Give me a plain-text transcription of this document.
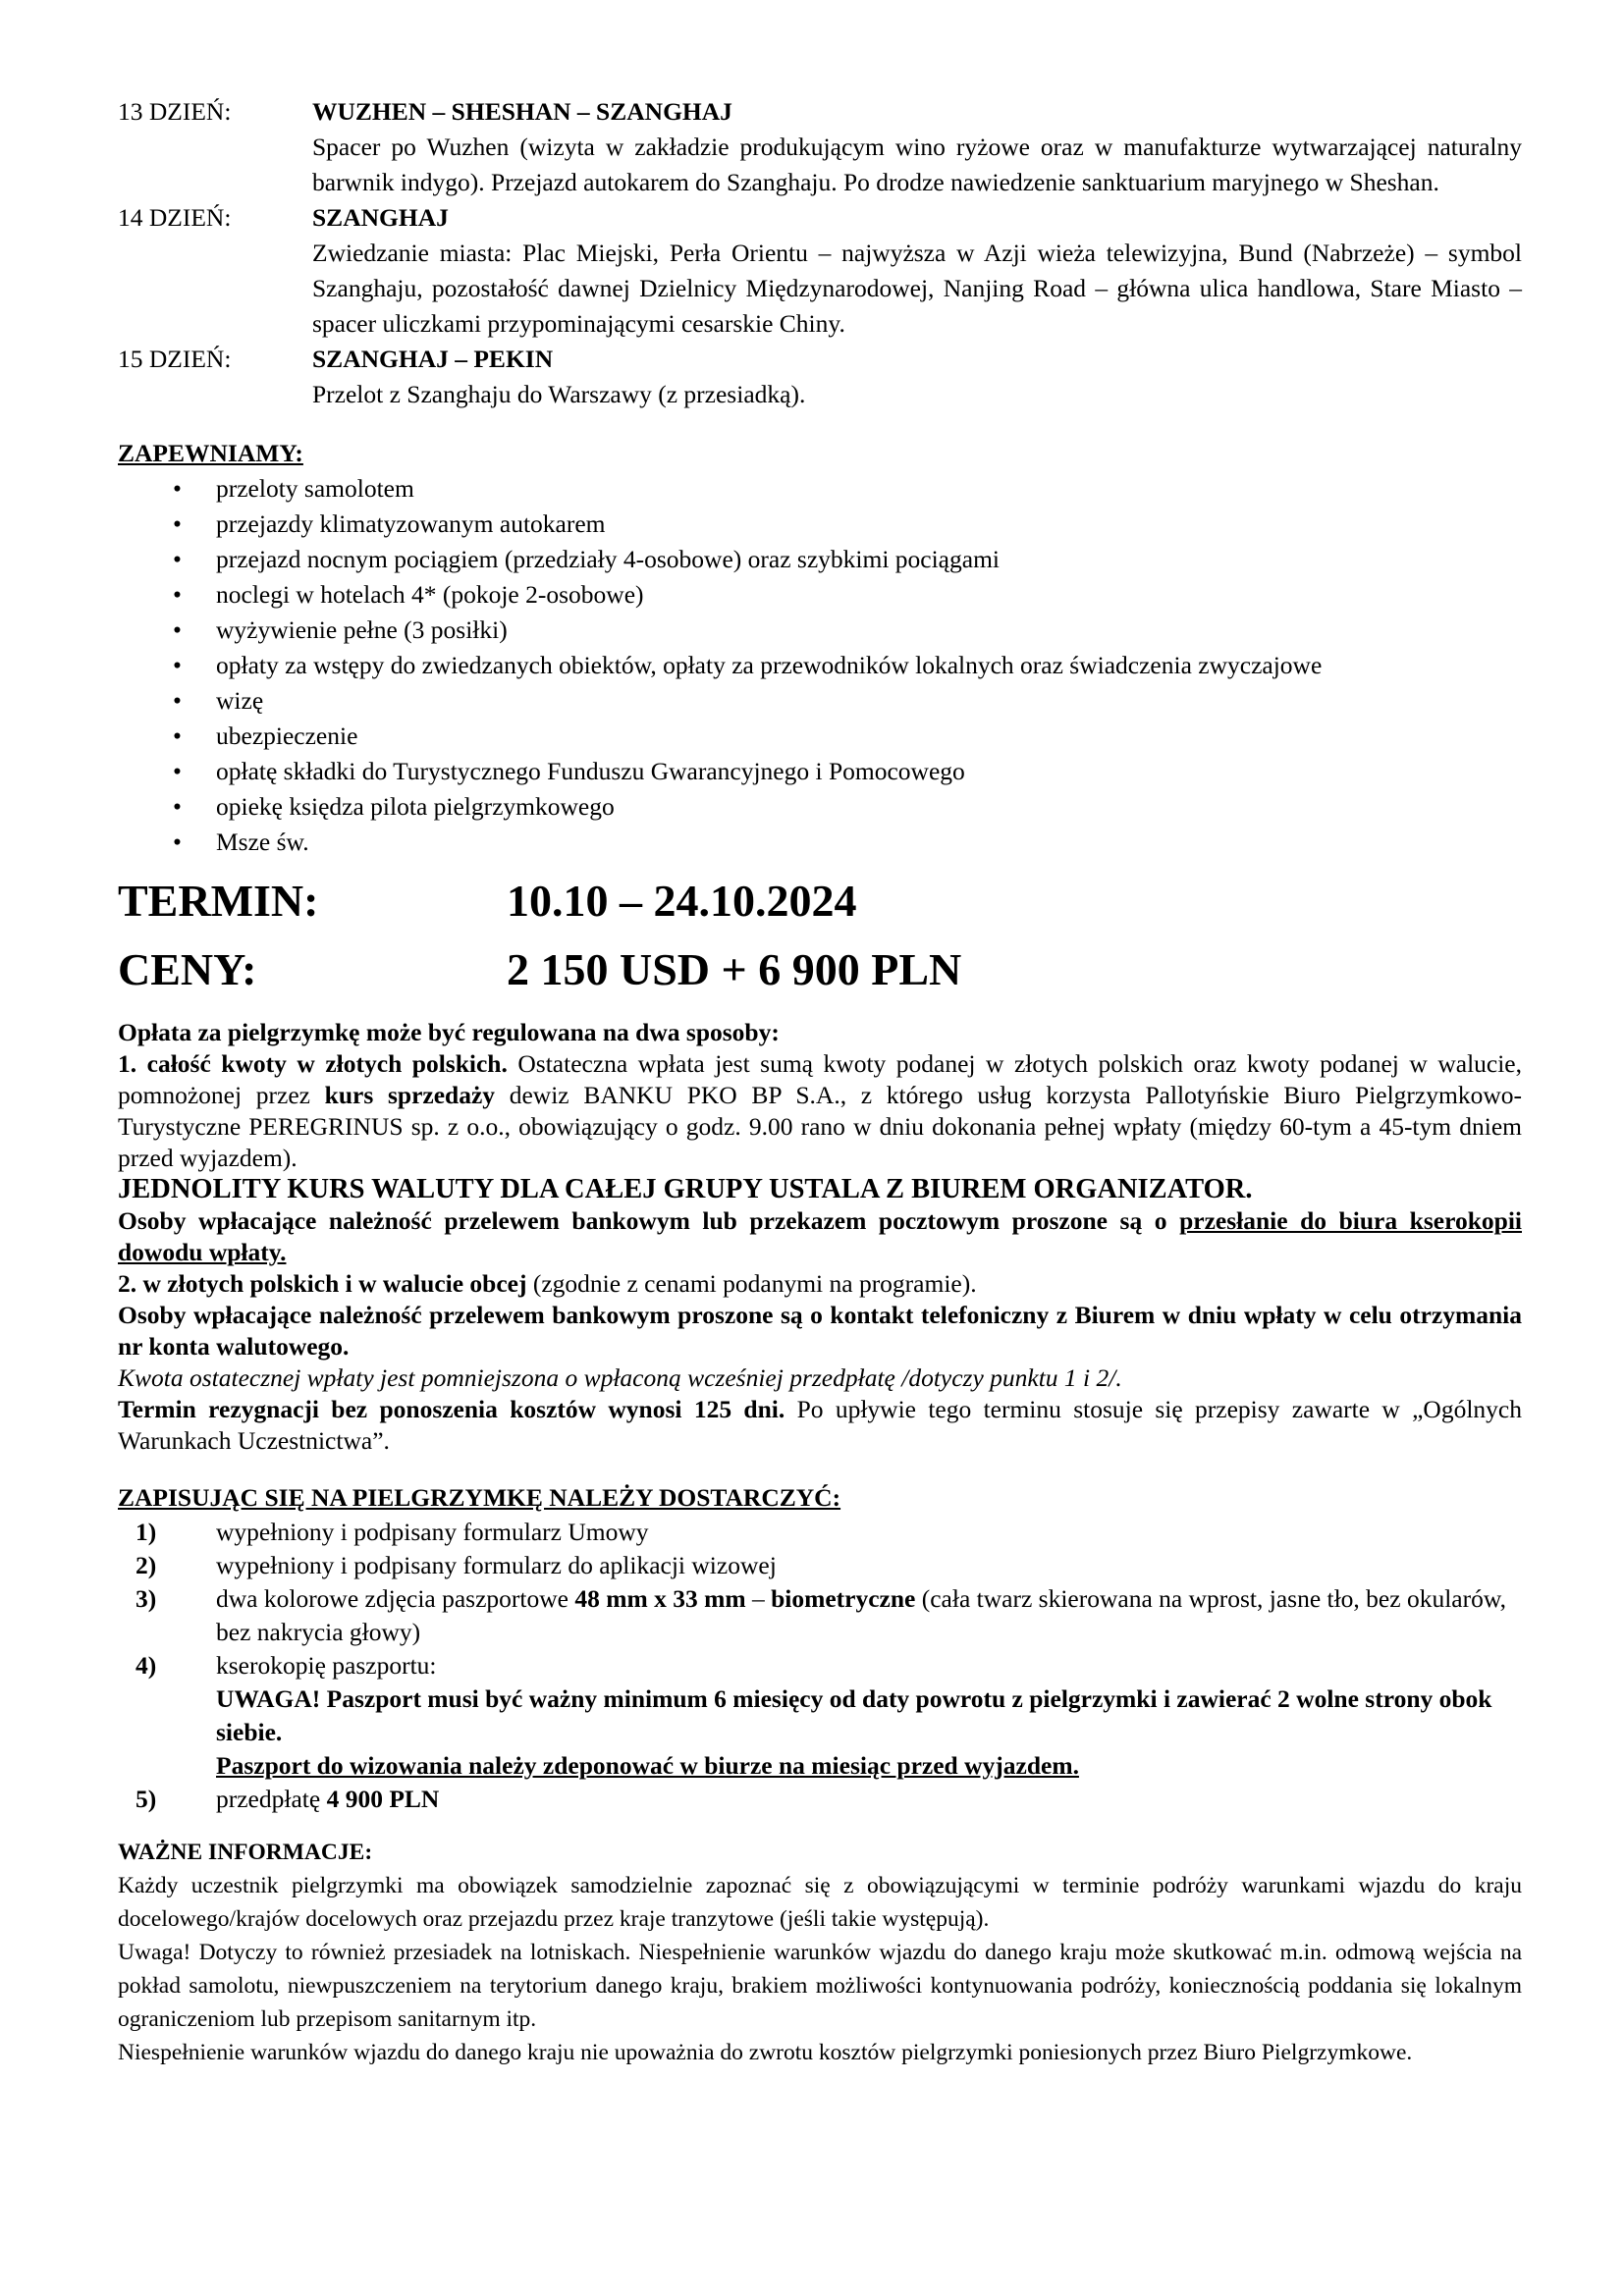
13 DZIEŃ:	WUZHEN – SHESHAN – SZANGHAJ
Spacer po Wuzhen (wizyta w zakładzie produkującym wino ryżowe oraz w manufakturze wytwarzającej naturalny barwnik indygo). Przejazd autokarem do Szanghaju. Po drodze nawiedzenie sanktuarium maryjnego w Sheshan.
14 DZIEŃ:	SZANGHAJ
Zwiedzanie miasta: Plac Miejski, Perła Orientu – najwyższa w Azji wieża telewizyjna, Bund (Nabrzeże) – symbol Szanghaju, pozostałość dawnej Dzielnicy Międzynarodowej, Nanjing Road – główna ulica handlowa, Stare Miasto – spacer uliczkami przypominającymi cesarskie Chiny.
15 DZIEŃ:	SZANGHAJ – PEKIN
Przelot z Szanghaju do Warszawy (z przesiadką).
ZAPEWNIAMY:
• przeloty samolotem
• przejazdy klimatyzowanym autokarem
• przejazd nocnym pociągiem (przedziały 4-osobowe) oraz szybkimi pociągami
• noclegi w hotelach 4* (pokoje 2-osobowe)
• wyżywienie pełne (3 posiłki)
• opłaty za wstępy do zwiedzanych obiektów, opłaty za przewodników lokalnych oraz świadczenia zwyczajowe
• wizę
• ubezpieczenie
• opłatę składki do Turystycznego Funduszu Gwarancyjnego i Pomocowego
• opiekę księdza pilota pielgrzymkowego
• Msze św.
TERMIN:	10.10 – 24.10.2024
CENY:	2 150 USD + 6 900 PLN
Opłata za pielgrzymkę może być regulowana na dwa sposoby:
1. całość kwoty w złotych polskich. Ostateczna wpłata jest sumą kwoty podanej w złotych polskich oraz kwoty podanej w walucie, pomnożonej przez kurs sprzedaży dewiz BANKU PKO BP S.A., z którego usług korzysta Pallotyńskie Biuro Pielgrzymkowo-Turystyczne PEREGRINUS sp. z o.o., obowiązujący o godz. 9.00 rano w dniu dokonania pełnej wpłaty (między 60-tym a 45-tym dniem przed wyjazdem).
JEDNOLITY KURS WALUTY DLA CAŁEJ GRUPY USTALA Z BIUREM ORGANIZATOR.
Osoby wpłacające należność przelewem bankowym lub przekazem pocztowym proszone są o przesłanie do biura kserokopii dowodu wpłaty.
2. w złotych polskich i w walucie obcej (zgodnie z cenami podanymi na programie).
Osoby wpłacające należność przelewem bankowym proszone są o kontakt telefoniczny z Biurem w dniu wpłaty w celu otrzymania nr konta walutowego.
Kwota ostatecznej wpłaty jest pomniejszona o wpłaconą wcześniej przedpłatę /dotyczy punktu 1 i 2/.
Termin rezygnacji bez ponoszenia kosztów wynosi 125 dni. Po upływie tego terminu stosuje się przepisy zawarte w „Ogólnych Warunkach Uczestnictwa”.
ZAPISUJĄC SIĘ NA PIELGRZYMKĘ NALEŻY DOSTARCZYĆ:
1)	wypełniony i podpisany formularz Umowy
2)	wypełniony i podpisany formularz do aplikacji wizowej
3)	dwa kolorowe zdjęcia paszportowe 48 mm x 33 mm – biometryczne (cała twarz skierowana na wprost, jasne tło, bez okularów, bez nakrycia głowy)
4)	kserokopię paszportu:
UWAGA! Paszport musi być ważny minimum 6 miesięcy od daty powrotu z pielgrzymki i zawierać 2 wolne strony obok siebie.
Paszport do wizowania należy zdeponować w biurze na miesiąc przed wyjazdem.
5)	przedpłatę 4 900 PLN

WAŻNE INFORMACJE:

Każdy uczestnik pielgrzymki ma obowiązek samodzielnie zapoznać się z obowiązującymi w terminie podróży warunkami wjazdu do kraju docelowego/krajów docelowych oraz przejazdu przez kraje tranzytowe (jeśli takie występują).

Uwaga! Dotyczy to również przesiadek na lotniskach. Niespełnienie warunków wjazdu do danego kraju może skutkować m.in. odmową wejścia na pokład samolotu, niewpuszczeniem na terytorium danego kraju, brakiem możliwości kontynuowania podróży, koniecznością poddania się lokalnym ograniczeniom lub przepisom sanitarnym itp.

Niespełnienie warunków wjazdu do danego kraju nie upoważnia do zwrotu kosztów pielgrzymki poniesionych przez Biuro Pielgrzymkowe.
